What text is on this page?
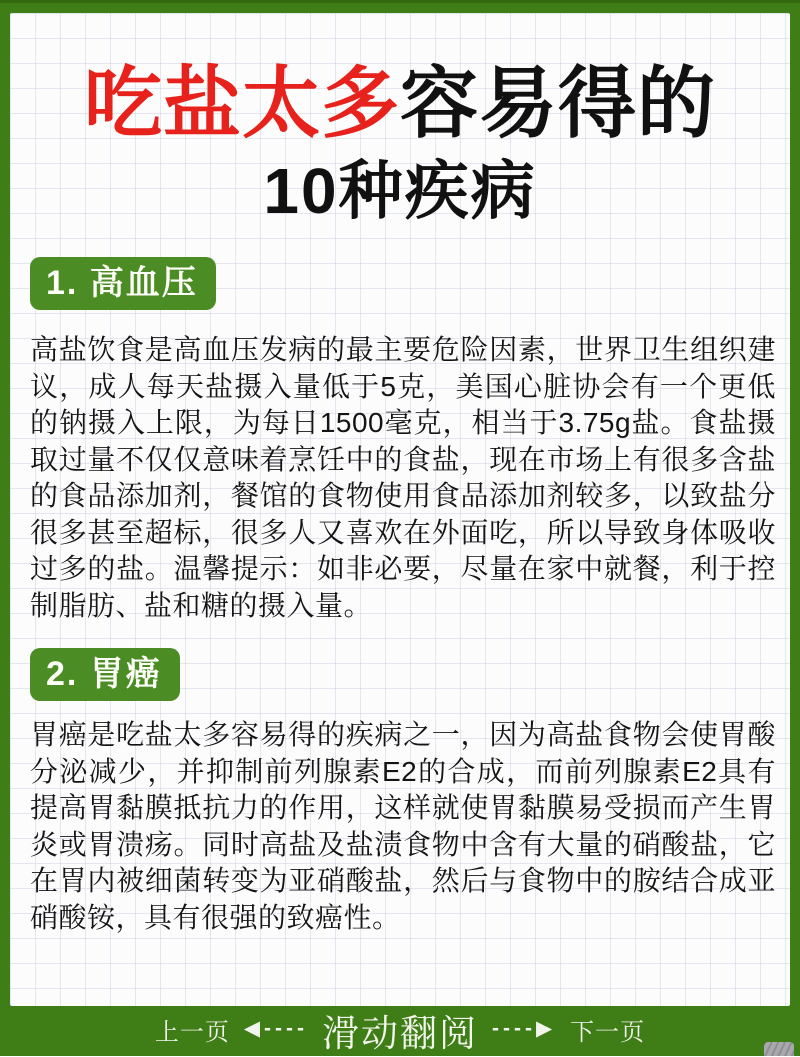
吃盐太多容易得的
10种疾病
1. 高血压

高盐饮食是高血压发病的最主要危险因素，世界卫生组织建议，成人每天盐摄入量低于5克，美国心脏协会有一个更低的钠摄入上限，为每日1500毫克，相当于3.75g盐。食盐摄取过量不仅仅意味着烹饪中的食盐，现在市场上有很多含盐的食品添加剂，餐馆的食物使用食品添加剂较多，以致盐分很多甚至超标，很多人又喜欢在外面吃，所以导致身体吸收过多的盐。温馨提示：如非必要，尽量在家中就餐，利于控制脂肪、盐和糖的摄入量。

2. 胃癌

胃癌是吃盐太多容易得的疾病之一，因为高盐食物会使胃酸分泌减少，并抑制前列腺素E2的合成，而前列腺素E2具有提高胃黏膜抵抗力的作用，这样就使胃黏膜易受损而产生胃炎或胃溃疡。同时高盐及盐渍食物中含有大量的硝酸盐，它在胃内被细菌转变为亚硝酸盐，然后与食物中的胺结合成亚硝酸铵，具有很强的致癌性。

上一页 ◀---- 滑动翻阅 ----▶ 下一页
